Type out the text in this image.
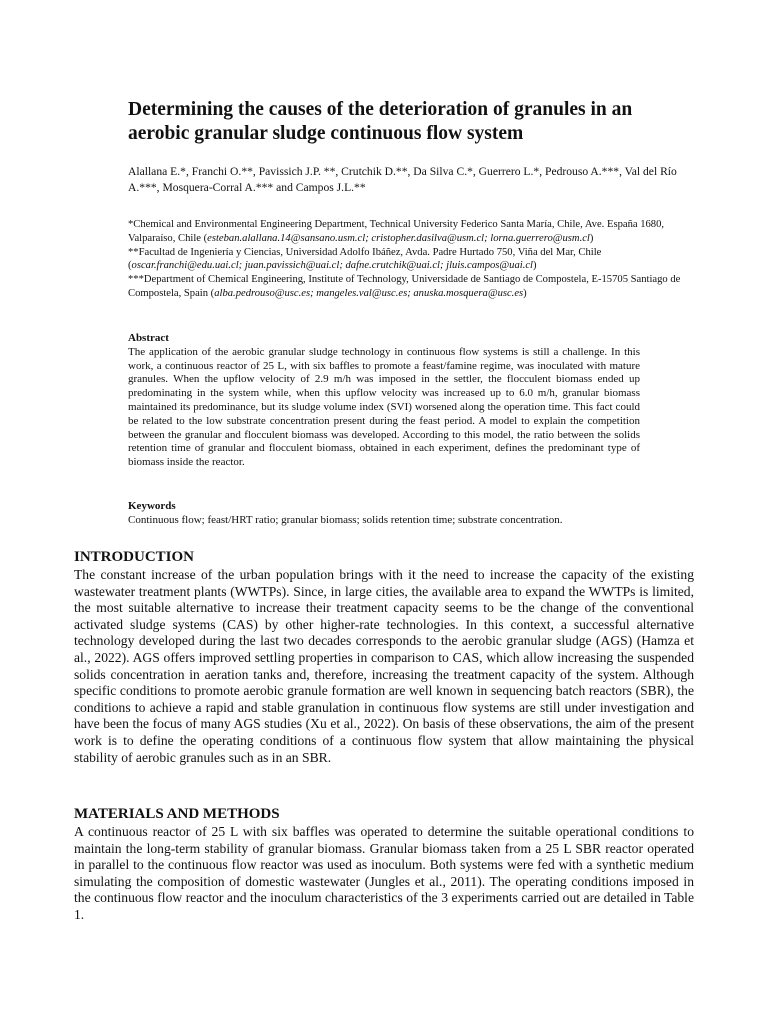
Determining the causes of the deterioration of granules in an aerobic granular sludge continuous flow system

Alallana E.*, Franchi O.**, Pavissich J.P. **, Crutchik D.**, Da Silva C.*, Guerrero L.*, Pedrouso A.***, Val del Río A.***, Mosquera-Corral A.*** and Campos J.L.**

*Chemical and Environmental Engineering Department, Technical University Federico Santa María, Chile, Ave. España 1680, Valparaíso, Chile (esteban.alallana.14@sansano.usm.cl; cristopher.dasilva@usm.cl; lorna.guerrero@usm.cl)
**Facultad de Ingeniería y Ciencias, Universidad Adolfo Ibáñez, Avda. Padre Hurtado 750, Viña del Mar, Chile (oscar.franchi@edu.uai.cl; juan.pavissich@uai.cl; dafne.crutchik@uai.cl; jluis.campos@uai.cl)
***Department of Chemical Engineering, Institute of Technology, Universidade de Santiago de Compostela, E-15705 Santiago de Compostela, Spain (alba.pedrouso@usc.es; mangeles.val@usc.es; anuska.mosquera@usc.es)
Abstract
The application of the aerobic granular sludge technology in continuous flow systems is still a challenge. In this work, a continuous reactor of 25 L, with six baffles to promote a feast/famine regime, was inoculated with mature granules. When the upflow velocity of 2.9 m/h was imposed in the settler, the flocculent biomass ended up predominating in the system while, when this upflow velocity was increased up to 6.0 m/h, granular biomass maintained its predominance, but its sludge volume index (SVI) worsened along the operation time. This fact could be related to the low substrate concentration present during the feast period. A model to explain the competition between the granular and flocculent biomass was developed. According to this model, the ratio between the solids retention time of granular and flocculent biomass, obtained in each experiment, defines the predominant type of biomass inside the reactor.
Keywords
Continuous flow; feast/HRT ratio; granular biomass; solids retention time; substrate concentration.
INTRODUCTION

The constant increase of the urban population brings with it the need to increase the capacity of the existing wastewater treatment plants (WWTPs). Since, in large cities, the available area to expand the WWTPs is limited, the most suitable alternative to increase their treatment capacity seems to be the change of the conventional activated sludge systems (CAS) by other higher-rate technologies. In this context, a successful alternative technology developed during the last two decades corresponds to the aerobic granular sludge (AGS) (Hamza et al., 2022). AGS offers improved settling properties in comparison to CAS, which allow increasing the suspended solids concentration in aeration tanks and, therefore, increasing the treatment capacity of the system. Although specific conditions to promote aerobic granule formation are well known in sequencing batch reactors (SBR), the conditions to achieve a rapid and stable granulation in continuous flow systems are still under investigation and have been the focus of many AGS studies (Xu et al., 2022). On basis of these observations, the aim of the present work is to define the operating conditions of a continuous flow system that allow maintaining the physical stability of aerobic granules such as in an SBR.

MATERIALS AND METHODS

A continuous reactor of 25 L with six baffles was operated to determine the suitable operational conditions to maintain the long-term stability of granular biomass. Granular biomass taken from a 25 L SBR reactor operated in parallel to the continuous flow reactor was used as inoculum. Both systems were fed with a synthetic medium simulating the composition of domestic wastewater (Jungles et al., 2011). The operating conditions imposed in the continuous flow reactor and the inoculum characteristics of the 3 experiments carried out are detailed in Table 1.
